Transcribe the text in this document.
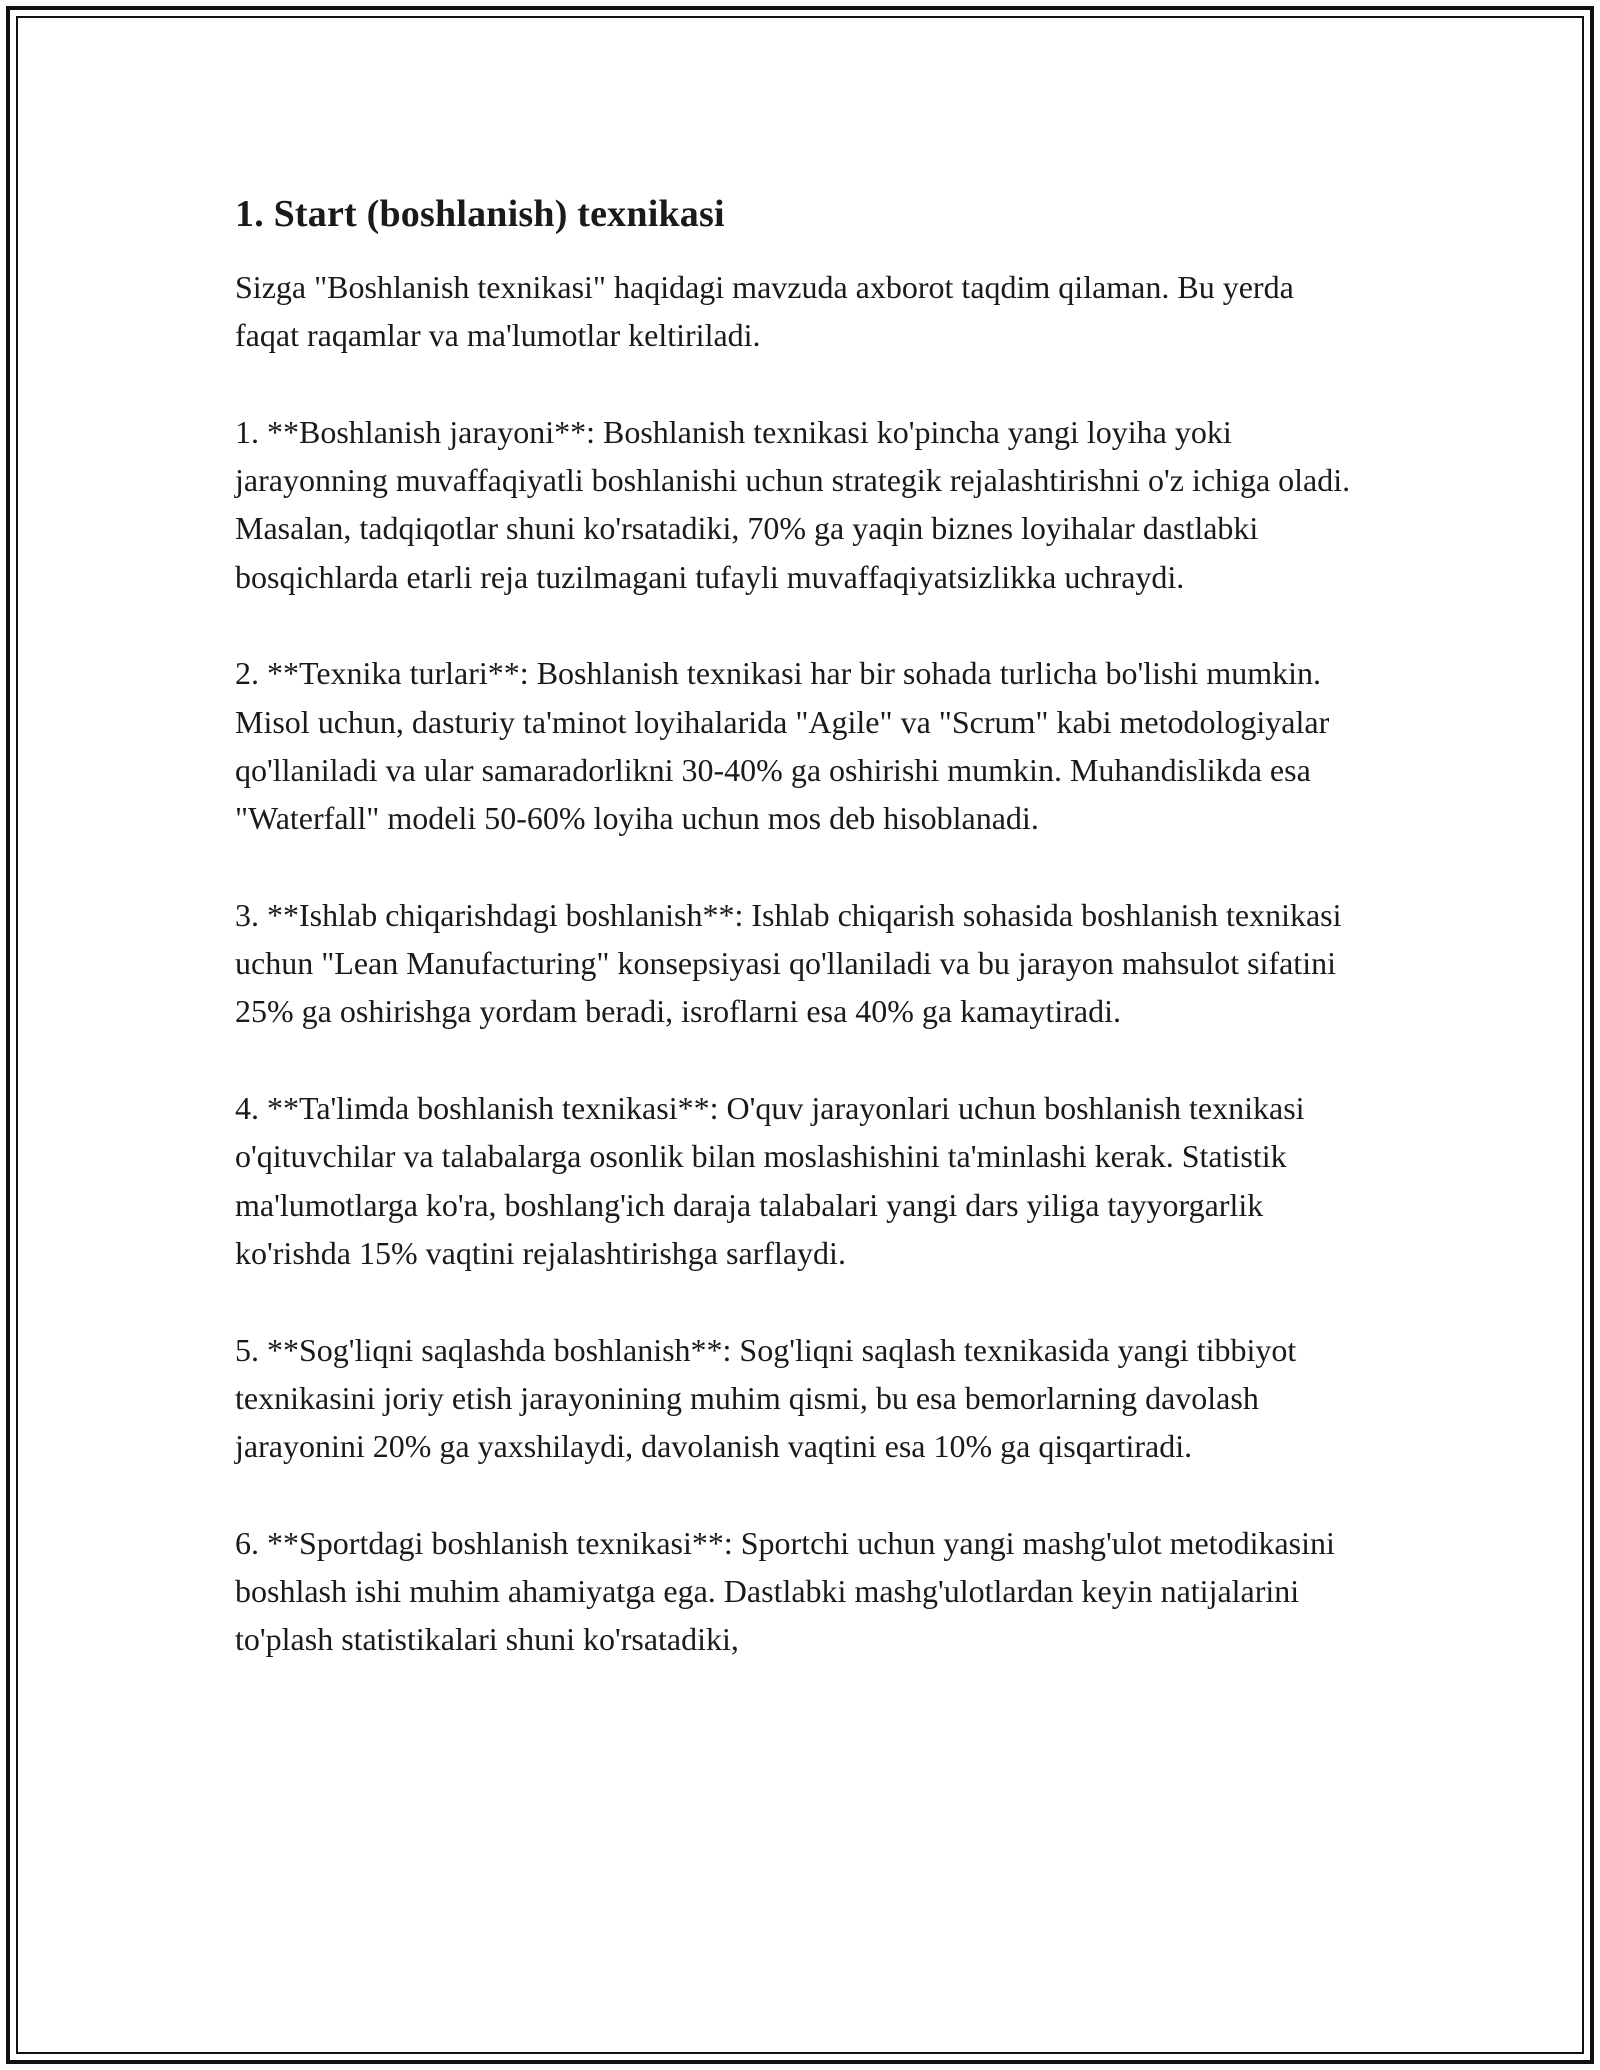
1. Start (boshlanish) texnikasi

Sizga "Boshlanish texnikasi" haqidagi mavzuda axborot taqdim qilaman. Bu yerda faqat raqamlar va ma'lumotlar keltiriladi.

1. **Boshlanish jarayoni**: Boshlanish texnikasi ko'pincha yangi loyiha yoki jarayonning muvaffaqiyatli boshlanishi uchun strategik rejalashtirishni o'z ichiga oladi. Masalan, tadqiqotlar shuni ko'rsatadiki, 70% ga yaqin biznes loyihalar dastlabki bosqichlarda etarli reja tuzilmagani tufayli muvaffaqiyatsizlikka uchraydi.

2. **Texnika turlari**: Boshlanish texnikasi har bir sohada turlicha bo'lishi mumkin. Misol uchun, dasturiy ta'minot loyihalarida "Agile" va "Scrum" kabi metodologiyalar qo'llaniladi va ular samaradorlikni 30-40% ga oshirishi mumkin. Muhandislikda esa "Waterfall" modeli 50-60% loyiha uchun mos deb hisoblanadi.

3. **Ishlab chiqarishdagi boshlanish**: Ishlab chiqarish sohasida boshlanish texnikasi uchun "Lean Manufacturing" konsepsiyasi qo'llaniladi va bu jarayon mahsulot sifatini 25% ga oshirishga yordam beradi, isroflarni esa 40% ga kamaytiradi.

4. **Ta'limda boshlanish texnikasi**: O'quv jarayonlari uchun boshlanish texnikasi o'qituvchilar va talabalarga osonlik bilan moslashishini ta'minlashi kerak. Statistik ma'lumotlarga ko'ra, boshlang'ich daraja talabalari yangi dars yiliga tayyorgarlik ko'rishda 15% vaqtini rejalashtirishga sarflaydi.

5. **Sog'liqni saqlashda boshlanish**: Sog'liqni saqlash texnikasida yangi tibbiyot texnikasini joriy etish jarayonining muhim qismi, bu esa bemorlarning davolash jarayonini 20% ga yaxshilaydi, davolanish vaqtini esa 10% ga qisqartiradi.

6. **Sportdagi boshlanish texnikasi**: Sportchi uchun yangi mashg'ulot metodikasini boshlash ishi muhim ahamiyatga ega. Dastlabki mashg'ulotlardan keyin natijalarini to'plash statistikalari shuni ko'rsatadiki,
